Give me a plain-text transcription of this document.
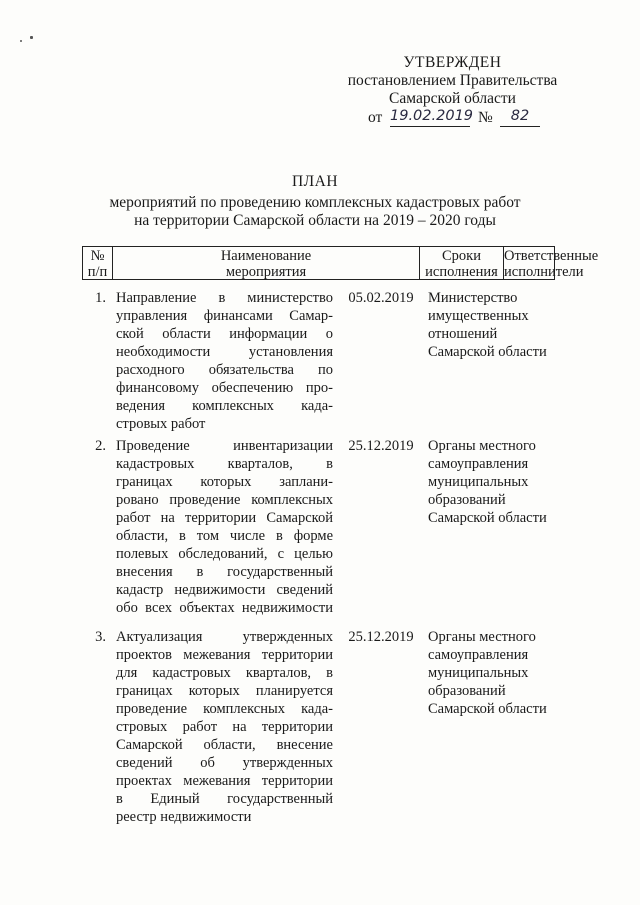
УТВЕРЖДЕН
постановлением Правительства
Самарской области
от 19.02.2019 №	82
ПЛАН
мероприятий по проведению комплексных кадастровых работ
на территории Самарской области на 2019 – 2020 годы
№
п/п
Наименование
мероприятия
Сроки
исполнения
Ответственные
исполнители
1. Направление в министерство
управления финансами Самар-
ской области информации о
необходимости установления
расходного обязательства по
финансовому обеспечению про-
ведения комплексных када-
стровых работ
05.02.2019 Министерство
имущественных
отношений
Самарской области
2. Проведение инвентаризации
кадастровых кварталов, в
границах которых заплани-
ровано проведение комплексных
работ на территории Самарской
области, в том числе в форме
полевых обследований, с целью
внесения в государственный
кадастр недвижимости сведений
обо всех объектах недвижимости
25.12.2019 Органы местного
самоуправления
муниципальных
образований
Самарской области
3. Актуализация утвержденных
проектов межевания территории
для кадастровых кварталов, в
границах которых планируется
проведение комплексных када-
стровых работ на территории
Самарской области, внесение
сведений об утвержденных
проектах межевания территории
в Единый государственный
реестр недвижимости
25.12.2019 Органы местного
самоуправления
муниципальных
образований
Самарской области
